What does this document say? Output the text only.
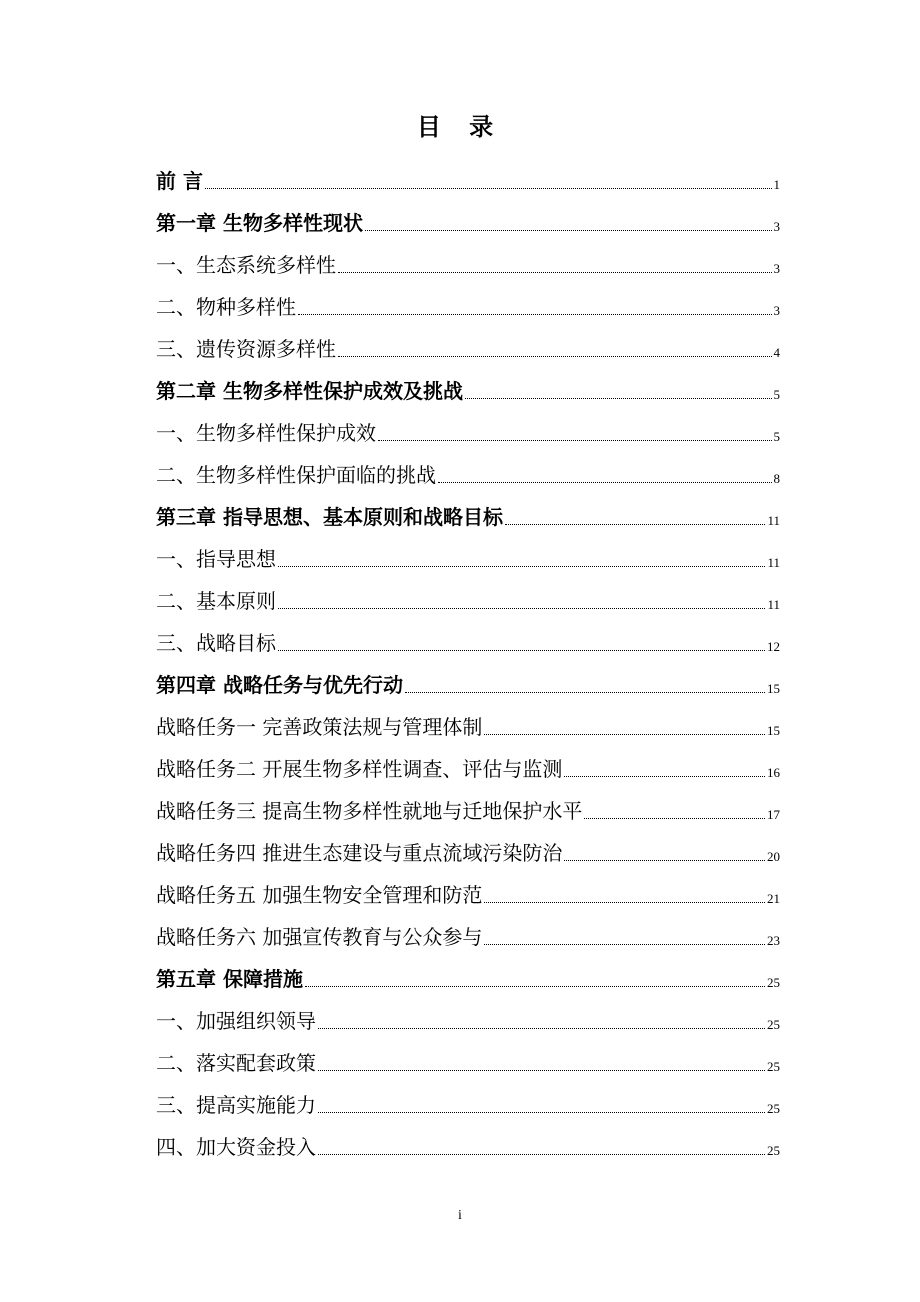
目 录
前 言	1
第一章 生物多样性现状	3
一、生态系统多样性	3
二、物种多样性	3
三、遗传资源多样性	4
第二章 生物多样性保护成效及挑战	5
一、生物多样性保护成效	5
二、生物多样性保护面临的挑战	8
第三章 指导思想、基本原则和战略目标	11
一、指导思想	11
二、基本原则	11
三、战略目标	12
第四章 战略任务与优先行动	15
战略任务一 完善政策法规与管理体制	15
战略任务二 开展生物多样性调查、评估与监测	16
战略任务三 提高生物多样性就地与迁地保护水平	17
战略任务四 推进生态建设与重点流域污染防治	20
战略任务五 加强生物安全管理和防范	21
战略任务六 加强宣传教育与公众参与	23
第五章 保障措施	25
一、加强组织领导	25
二、落实配套政策	25
三、提高实施能力	25
四、加大资金投入	25
i
